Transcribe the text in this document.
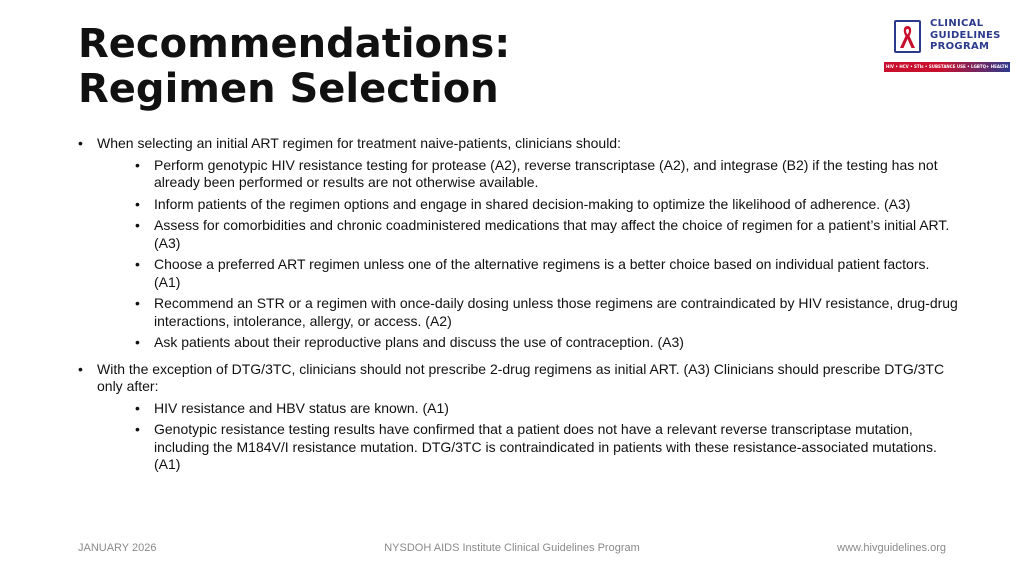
Recommendations:
Regimen Selection
CLINICAL
GUIDELINES
PROGRAM
HIV • HCV • STIs • SUBSTANCE USE • LGBTQ+ HEALTH
• When selecting an initial ART regimen for treatment naive-patients, clinicians should:
• Perform genotypic HIV resistance testing for protease (A2), reverse transcriptase (A2), and integrase (B2) if the testing has not already been performed or results are not otherwise available.
• Inform patients of the regimen options and engage in shared decision-making to optimize the likelihood of adherence. (A3)
• Assess for comorbidities and chronic coadministered medications that may affect the choice of regimen for a patient’s initial ART. (A3)
• Choose a preferred ART regimen unless one of the alternative regimens is a better choice based on individual patient factors. (A1)
• Recommend an STR or a regimen with once-daily dosing unless those regimens are contraindicated by HIV resistance, drug-drug interactions, intolerance, allergy, or access. (A2)
• Ask patients about their reproductive plans and discuss the use of contraception. (A3)
• With the exception of DTG/3TC, clinicians should not prescribe 2-drug regimens as initial ART. (A3) Clinicians should prescribe DTG/3TC only after:
• HIV resistance and HBV status are known. (A1)
• Genotypic resistance testing results have confirmed that a patient does not have a relevant reverse transcriptase mutation, including the M184V/I resistance mutation. DTG/3TC is contraindicated in patients with these resistance-associated mutations. (A1)
JANUARY 2026	NYSDOH AIDS Institute Clinical Guidelines Program	www.hivguidelines.org
